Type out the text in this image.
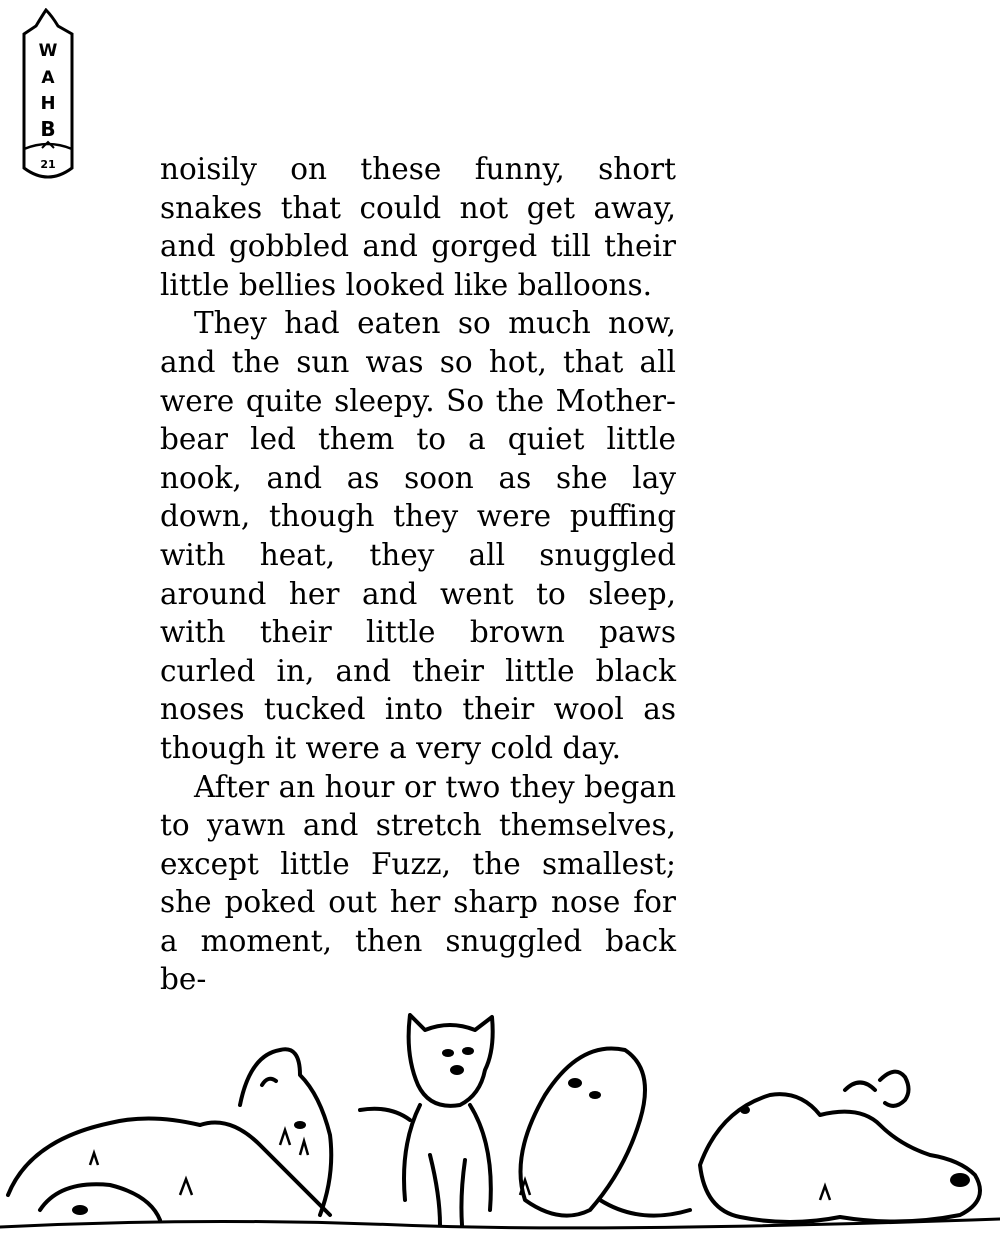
W
A
H
B
21	noisily on these funny, short snakes that could not get away, and gobbled and gorged till their little bellies looked like balloons.

They had eaten so much now, and the sun was so hot, that all were quite sleepy. So the Mother-bear led them to a quiet little nook, and as soon as she lay down, though they were puffing with heat, they all snuggled around her and went to sleep, with their little brown paws curled in, and their little black noses tucked into their wool as though it were a very cold day.

After an hour or two they began to yawn and stretch themselves, except little Fuzz, the smallest; she poked out her sharp nose for a moment, then snuggled back be-
